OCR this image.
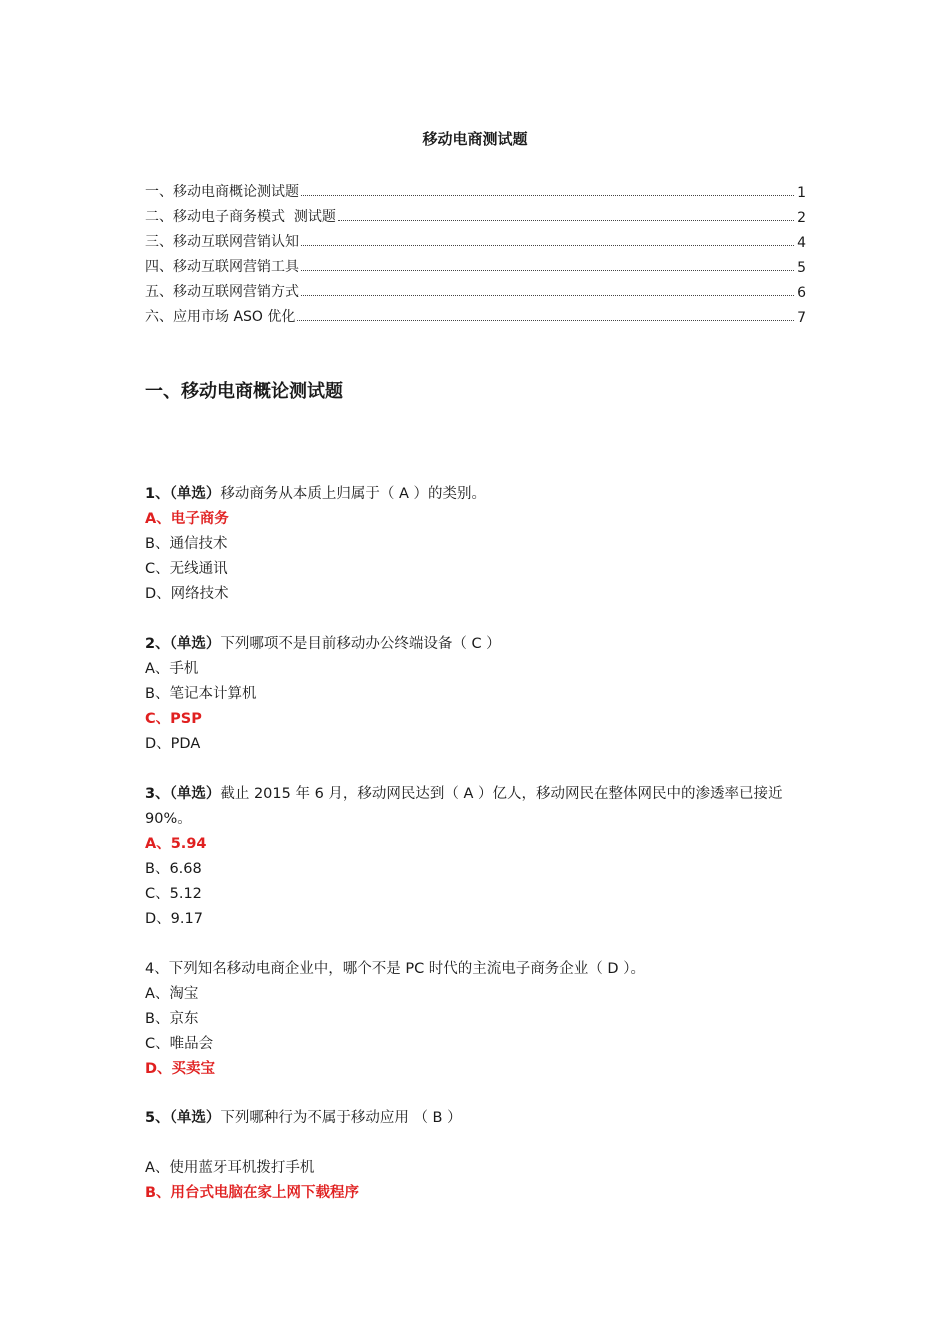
移动电商测试题
一、移动电商概论测试题	1
二、移动电子商务模式  测试题	2
三、移动互联网营销认知	4
四、移动互联网营销工具	5
五、移动互联网营销方式	6
六、应用市场 ASO 优化	7
一、移动电商概论测试题
1、（单选）移动商务从本质上归属于（ A ）的类别。
A、电子商务
B、通信技术
C、无线通讯
D、网络技术
2、（单选）下列哪项不是目前移动办公终端设备（ C ）
A、手机
B、笔记本计算机
C、PSP
D、PDA
3、（单选）截止 2015 年 6 月，移动网民达到（ A ）亿人，移动网民在整体网民中的渗透率已接近 90%。
A、5.94
B、6.68
C、5.12
D、9.17
4、下列知名移动电商企业中，哪个不是 PC 时代的主流电子商务企业（ D ）。
A、淘宝
B、京东
C、唯品会
D、买卖宝
5、（单选）下列哪种行为不属于移动应用 （ B ）
A、使用蓝牙耳机拨打手机
B、用台式电脑在家上网下载程序
